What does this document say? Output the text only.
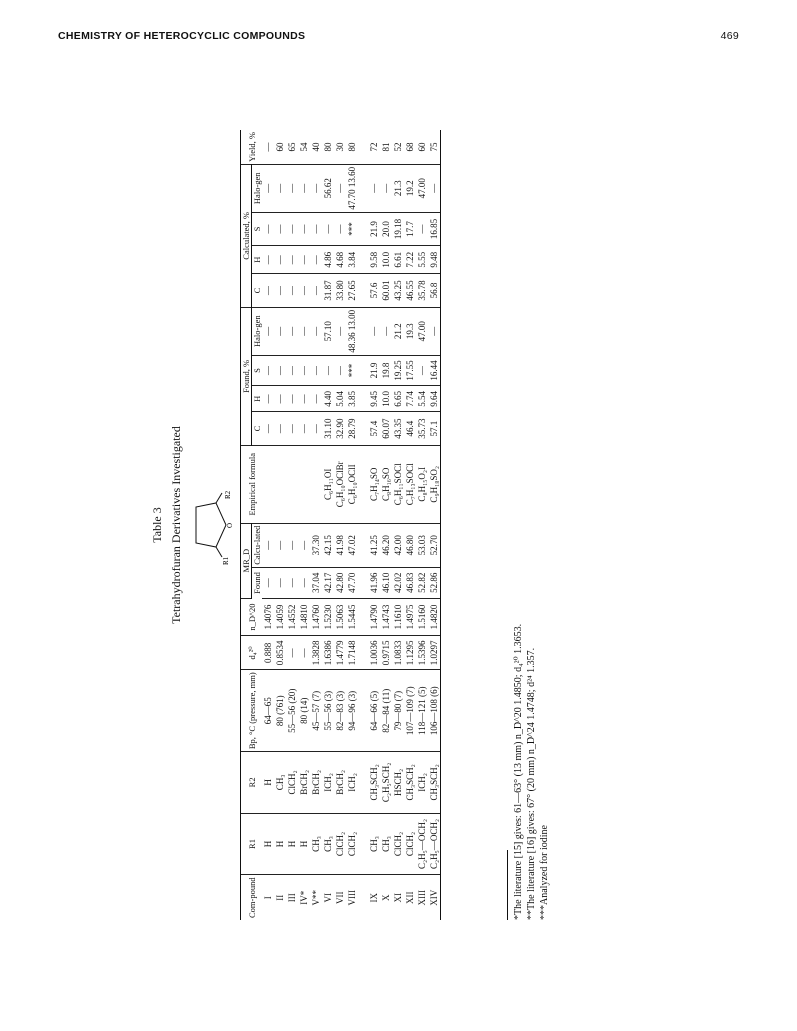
CHEMISTRY OF HETEROCYCLIC COMPOUNDS	469
Table 3 Tetrahydrofuran Derivatives Investigated	R1
R2
O
Com-pound	R1	R2	Bp, °C (pressure, mm)	d₄²⁰	n_D^20	MR_D		Empirical formula	Found, %				Calculated, %				Yield, %
						Found	Calcu-lated		C	H	S	Halo-gen	C	H	S	Halo-gen	

I	H	H	64—65	0.888	1.4076	—	—		—	—	—	—	—	—	—	—	—
II	H	CH₃	80 (761)	0.8534	1.4059	—	—		—	—	—	—	—	—	—	—	60
III	H	ClCH₂	55—56 (20)	—	1.4552	—	—		—	—	—	—	—	—	—	—	65
IV*	H	BrCH₂	80 (14)	—	1.4810	—	—		—	—	—	—	—	—	—	—	54
V**	CH₃	BrCH₂	45—57 (7)	1.3828	1.4760	37.04	37.30		—	—	—	—	—	—	—	—	40
VI	CH₃	ICH₂	55—56 (3)	1.6386	1.5230	42.17	42.15	C₆H₁₁OI	31.10	4.40	—	57.10	31.87	4.86	—	56.62	80
VII	ClCH₂	BrCH₂	82—83 (3)	1.4779	1.5063	42.80	41.98	C₆H₁₀OClBr	32.90	5.04	—	—	33.80	4.68	—	—	30
VIII	ClCH₂	ICH₂	94—96 (3)	1.7148	1.5445	47.70	47.02	C₆H₁₀OClI	28.79	3.85	***	48.36 13.00	27.65	3.84	***	47.70 13.60	80

IX	CH₃	CH₃SCH₂	64—66 (5)	1.0036	1.4790	41.96	41.25	C₇H₁₄SO	57.4	9.45	21.9	—	57.6	9.58	21.9	—	72
X	CH₃	C₂H₅SCH₂	82—84 (11)	0.9715	1.4743	46.10	46.20	C₈H₁₆SO	60.07	10.0	19.8	—	60.01	10.0	20.0	—	81
XI	ClCH₂	HSCH₂	79—80 (7)	1.0833	1.1610	42.02	42.00	C₆H₁₁SOCl	43.35	6.65	19.25	21.2	43.25	6.61	19.18	21.3	52
XII	ClCH₂	CH₃SCH₂	107—109 (7)	1.1295	1.4975	46.83	46.80	C₇H₁₃SOCl	46.4	7.74	17.55	19.3	46.55	7.22	17.7	19.2	68
XIII	C₂H₅—OCH₂	ICH₂	118—121 (5)	1.5396	1.5160	52.82	53.03	C₈H₁₅O₂I	35.73	5.54	—	47.00	35.78	5.55	—	47.00	60
XIV	C₂H₅—OCH₂	CH₃SCH₂	106—108 (6)	1.0297	1.4820	52.86	52.70	C₉H₁₈SO₂	57.1	9.64	16.44	—	56.8	9.48	16.85	—	75
*The literature [15] gives: 61—63° (13 mm) n_D^20 1.4850; d₄²⁰ 1.3653. **The literature [16] gives: 67° (20 mm) n_D^24 1.4748; d²⁴ 1.357. ***Analyzed for iodine
